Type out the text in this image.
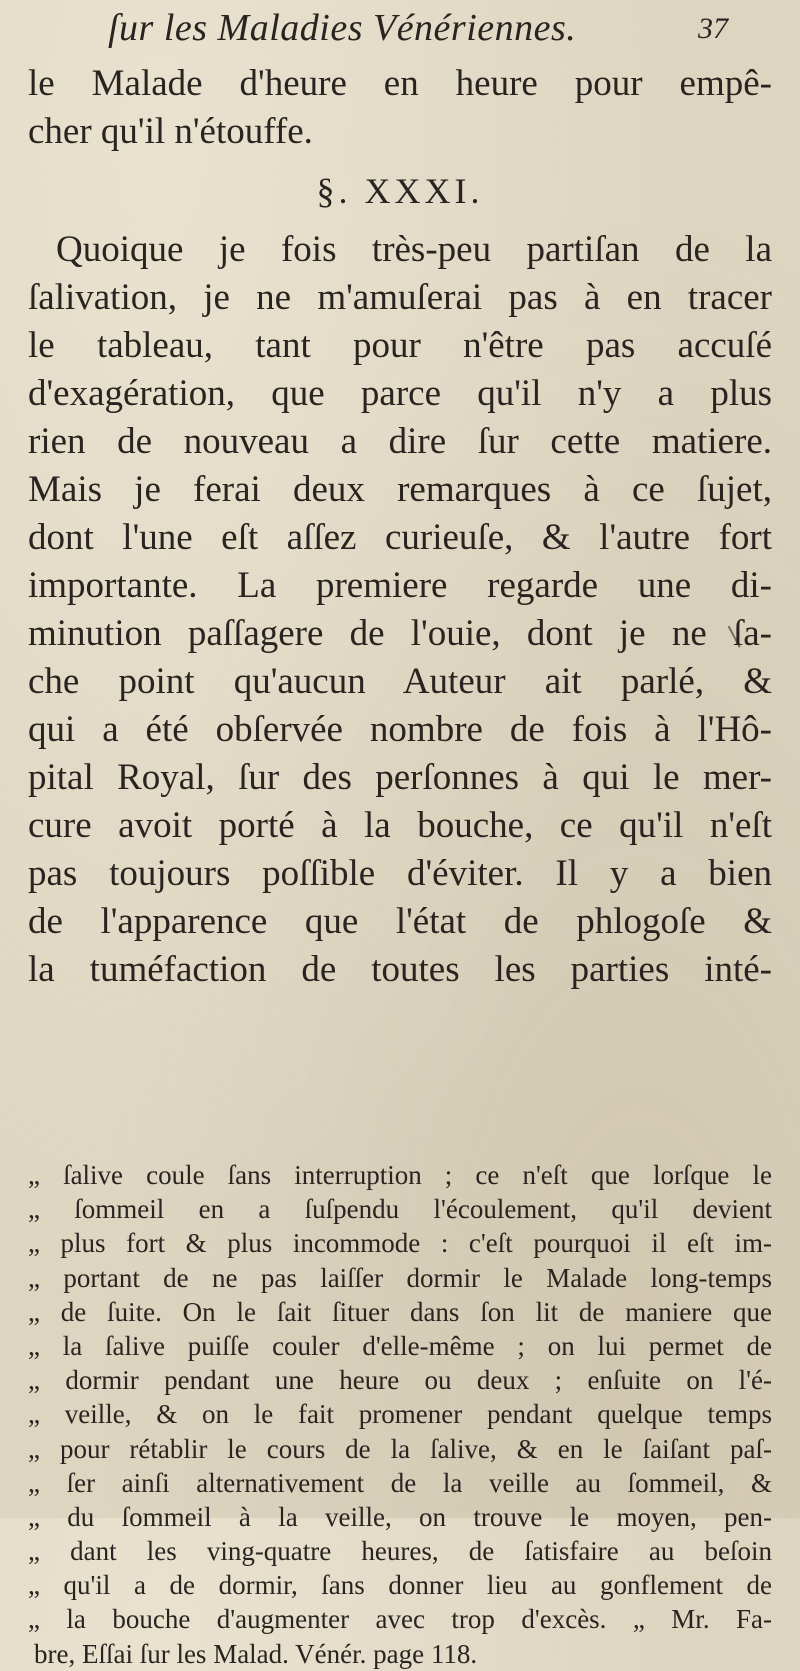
ſur les Maladies Vénériennes.	37
le Malade d'heure en heure pour empê-
cher qu'il n'étouffe.
§. XXXI.
Quoique je fois très-peu partiſan de la
ſalivation, je ne m'amuſerai pas à en tracer
le tableau, tant pour n'être pas accuſé
d'exagération, que parce qu'il n'y a plus
rien de nouveau a dire ſur cette matiere.
Mais je ferai deux remarques à ce ſujet,
dont l'une eſt aſſez curieuſe, & l'autre fort
importante. La premiere regarde une di-
minution paſſagere de l'ouie, dont je ne ſa-
che point qu'aucun Auteur ait parlé, &
qui a été obſervée nombre de fois à l'Hô-
pital Royal, ſur des perſonnes à qui le mer-
cure avoit porté à la bouche, ce qu'il n'eſt
pas toujours poſſible d'éviter. Il y a bien
de l'apparence que l'état de phlogoſe &
la tuméfaction de toutes les parties inté-
„ ſalive coule ſans interruption ; ce n'eſt que lorſque le
„ ſommeil en a ſuſpendu l'écoulement, qu'il devient
„ plus fort & plus incommode : c'eſt pourquoi il eſt im-
„ portant de ne pas laiſſer dormir le Malade long-temps
„ de ſuite. On le ſait ſituer dans ſon lit de maniere que
„ la ſalive puiſſe couler d'elle-même ; on lui permet de
„ dormir pendant une heure ou deux ; enſuite on l'é-
„ veille, & on le fait promener pendant quelque temps
„ pour rétablir le cours de la ſalive, & en le ſaiſant paſ-
„ ſer ainſi alternativement de la veille au ſommeil, &
„ du ſommeil à la veille, on trouve le moyen, pen-
„ dant les ving-quatre heures, de ſatisfaire au beſoin
„ qu'il a de dormir, ſans donner lieu au gonflement de
„ la bouche d'augmenter avec trop d'excès. „ Mr. Fa-
bre, Eſſai ſur les Malad. Vénér. page 118.
